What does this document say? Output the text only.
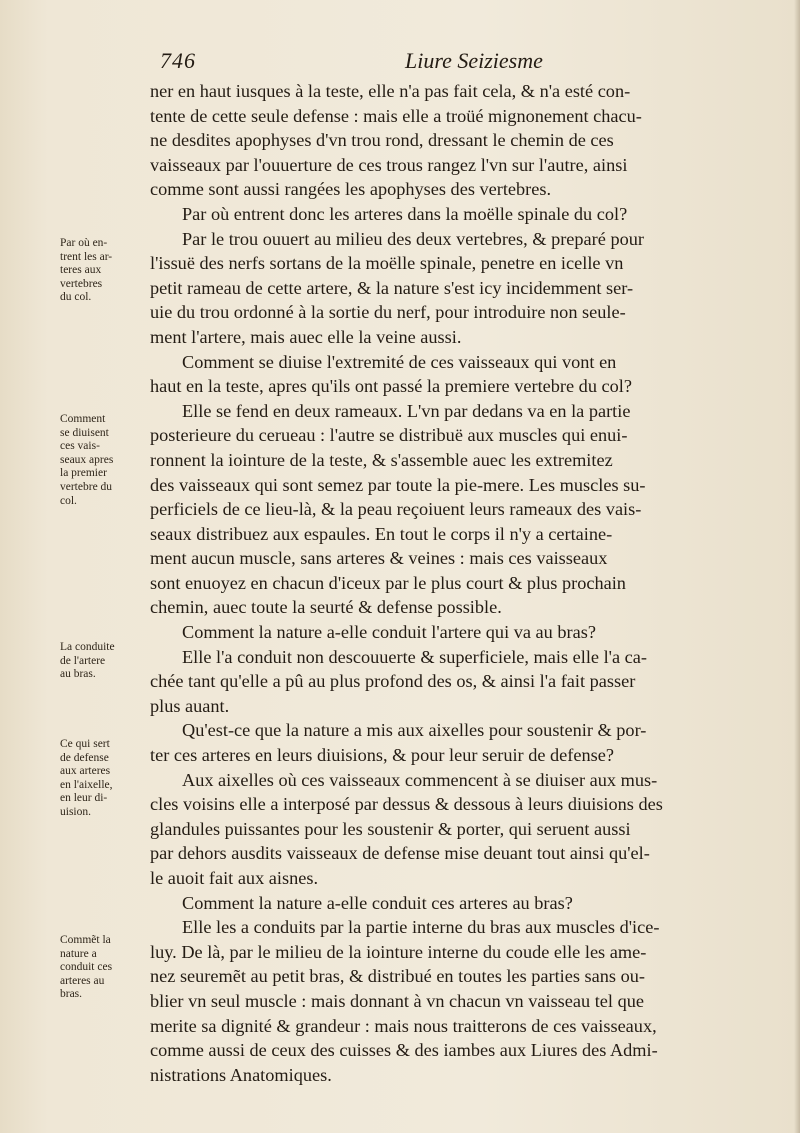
746	Liure Seiziesme
ner en haut iusques à la teste, elle n'a pas fait cela, & n'a esté con-
tente de cette seule defense : mais elle a troüé mignonement chacu-
ne desdites apophyses d'vn trou rond, dressant le chemin de ces
vaisseaux par l'ouuerture de ces trous rangez l'vn sur l'autre, ainsi
comme sont aussi rangées les apophyses des vertebres.
Par où entrent donc les arteres dans la moëlle spinale du col?
Par le trou ouuert au milieu des deux vertebres, & preparé pour
l'issuë des nerfs sortans de la moëlle spinale, penetre en icelle vn
petit rameau de cette artere, & la nature s'est icy incidemment ser-
uie du trou ordonné à la sortie du nerf, pour introduire non seule-
ment l'artere, mais auec elle la veine aussi.
Comment se diuise l'extremité de ces vaisseaux qui vont en
haut en la teste, apres qu'ils ont passé la premiere vertebre du col?
Elle se fend en deux rameaux. L'vn par dedans va en la partie
posterieure du cerueau : l'autre se distribuë aux muscles qui enui-
ronnent la iointure de la teste, & s'assemble auec les extremitez
des vaisseaux qui sont semez par toute la pie-mere. Les muscles su-
perficiels de ce lieu-là, & la peau reçoiuent leurs rameaux des vais-
seaux distribuez aux espaules. En tout le corps il n'y a certaine-
ment aucun muscle, sans arteres & veines : mais ces vaisseaux
sont enuoyez en chacun d'iceux par le plus court & plus prochain
chemin, auec toute la seurté & defense possible.
Comment la nature a-elle conduit l'artere qui va au bras?
Elle l'a conduit non descouuerte & superficiele, mais elle l'a ca-
chée tant qu'elle a pû au plus profond des os, & ainsi l'a fait passer
plus auant.
Qu'est-ce que la nature a mis aux aixelles pour soustenir & por-
ter ces arteres en leurs diuisions, & pour leur seruir de defense?
Aux aixelles où ces vaisseaux commencent à se diuiser aux mus-
cles voisins elle a interposé par dessus & dessous à leurs diuisions des
glandules puissantes pour les soustenir & porter, qui seruent aussi
par dehors ausdits vaisseaux de defense mise deuant tout ainsi qu'el-
le auoit fait aux aisnes.
Comment la nature a-elle conduit ces arteres au bras?
Elle les a conduits par la partie interne du bras aux muscles d'ice-
luy. De là, par le milieu de la iointure interne du coude elle les ame-
nez seuremẽt au petit bras, & distribué en toutes les parties sans ou-
blier vn seul muscle : mais donnant à vn chacun vn vaisseau tel que
merite sa dignité & grandeur : mais nous traitterons de ces vaisseaux,
comme aussi de ceux des cuisses & des iambes aux Liures des Admi-
nistrations Anatomiques.
Par où en-
trent les ar-
teres aux
vertebres
du col.
Comment
se diuisent
ces vais-
seaux apres
la premier
vertebre du
col.
La conduite
de l'artere
au bras.
Ce qui sert
de defense
aux arteres
en l'aixelle,
en leur di-
uision.
Commẽt la
nature a
conduit ces
arteres au
bras.
